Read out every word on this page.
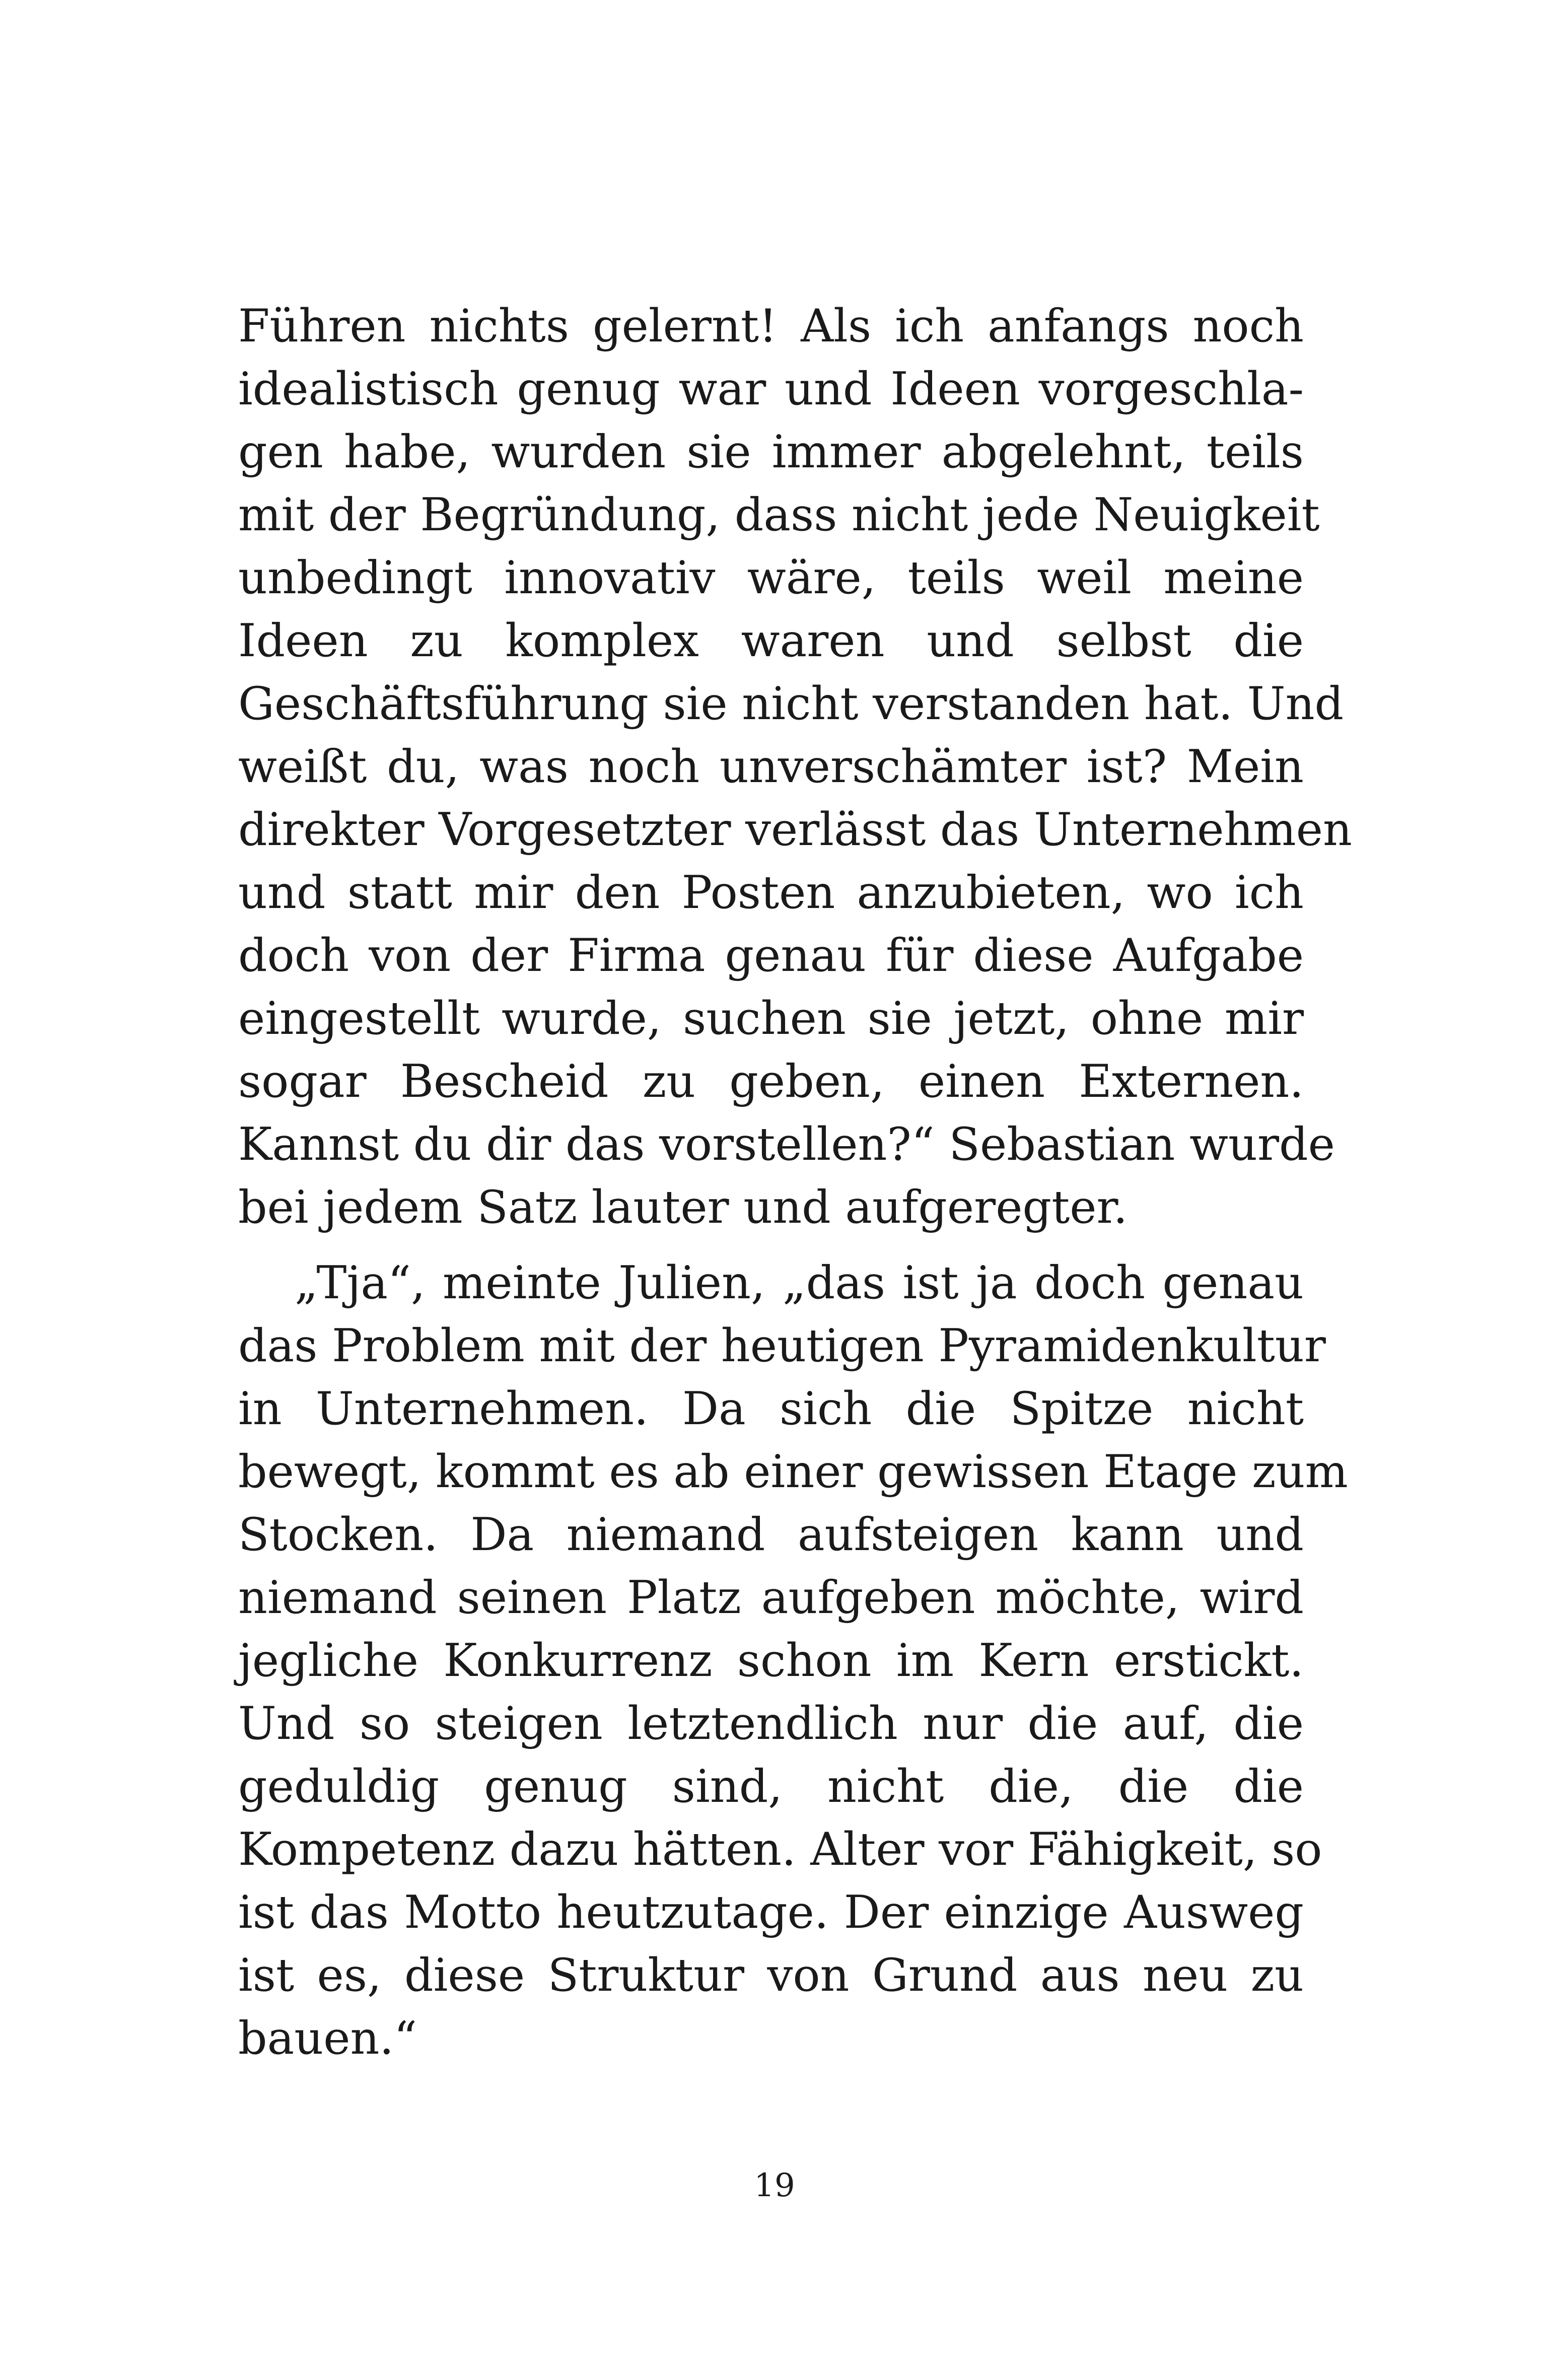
Führen nichts gelernt! Als ich anfangs noch
idealistisch genug war und Ideen vorgeschla-
gen habe, wurden sie immer abgelehnt, teils
mit der Begründung, dass nicht jede Neuigkeit
unbedingt innovativ wäre, teils weil meine
Ideen zu komplex waren und selbst die
Geschäftsführung sie nicht verstanden hat. Und
weißt du, was noch unverschämter ist? Mein
direkter Vorgesetzter verlässt das Unternehmen
und statt mir den Posten anzubieten, wo ich
doch von der Firma genau für diese Aufgabe
eingestellt wurde, suchen sie jetzt, ohne mir
sogar Bescheid zu geben, einen Externen.
Kannst du dir das vorstellen?“ Sebastian wurde
bei jedem Satz lauter und aufgeregter.
„Tja“, meinte Julien, „das ist ja doch genau
das Problem mit der heutigen Pyramidenkultur
in Unternehmen. Da sich die Spitze nicht
bewegt, kommt es ab einer gewissen Etage zum
Stocken. Da niemand aufsteigen kann und
niemand seinen Platz aufgeben möchte, wird
jegliche Konkurrenz schon im Kern erstickt.
Und so steigen letztendlich nur die auf, die
geduldig genug sind, nicht die, die die
Kompetenz dazu hätten. Alter vor Fähigkeit, so
ist das Motto heutzutage. Der einzige Ausweg
ist es, diese Struktur von Grund aus neu zu
bauen.“
19
